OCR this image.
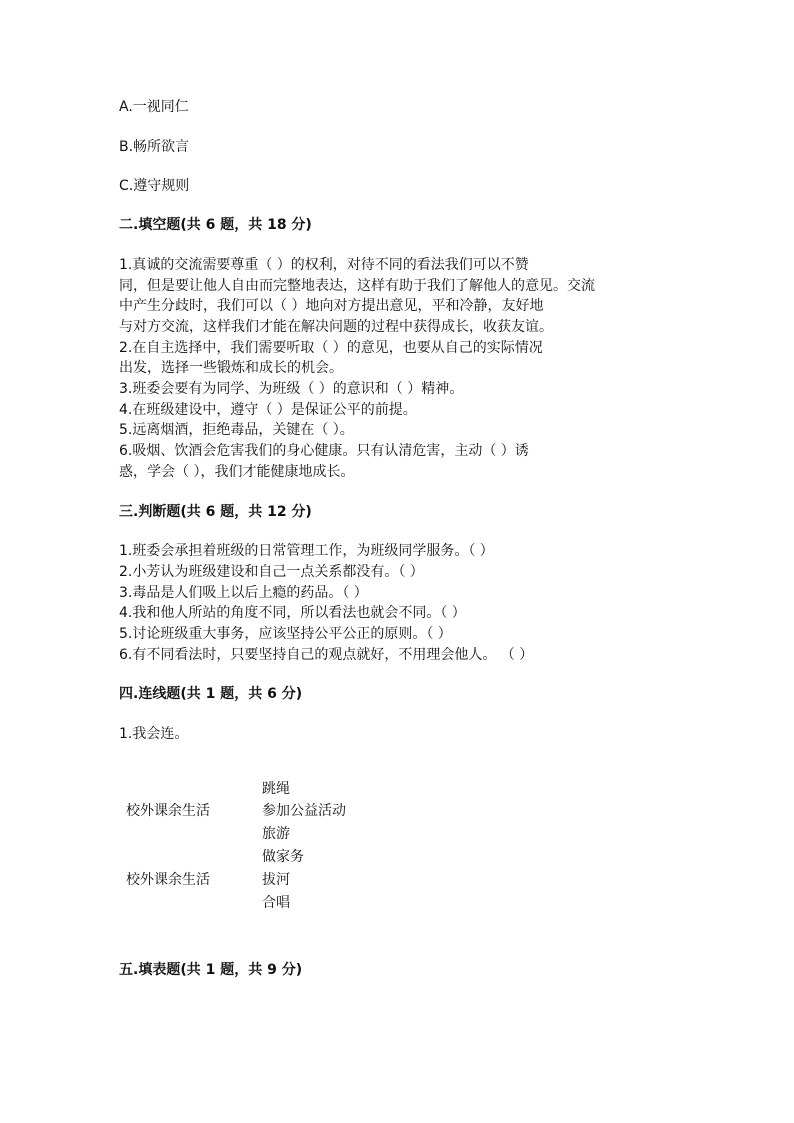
A.一视同仁
B.畅所欲言
C.遵守规则
二.填空题(共 6 题，共 18 分)
1.真诚的交流需要尊重（ ）的权利，对待不同的看法我们可以不赞
同，但是要让他人自由而完整地表达，这样有助于我们了解他人的意见。交流
中产生分歧时，我们可以（ ）地向对方提出意见，平和冷静，友好地
与对方交流，这样我们才能在解决问题的过程中获得成长，收获友谊。
2.在自主选择中，我们需要听取（ ）的意见，也要从自己的实际情况
出发，选择一些锻炼和成长的机会。
3.班委会要有为同学、为班级（ ）的意识和（ ）精神。
4.在班级建设中，遵守（ ）是保证公平的前提。
5.远离烟酒，拒绝毒品，关键在（ ）。
6.吸烟、饮酒会危害我们的身心健康。只有认清危害，主动（ ）诱
惑，学会（ ），我们才能健康地成长。
三.判断题(共 6 题，共 12 分)
1.班委会承担着班级的日常管理工作，为班级同学服务。（ ）
2.小芳认为班级建设和自己一点关系都没有。（ ）
3.毒品是人们吸上以后上瘾的药品。（ ）
4.我和他人所站的角度不同，所以看法也就会不同。（ ）
5.讨论班级重大事务，应该坚持公平公正的原则。（ ）
6.有不同看法时，只要坚持自己的观点就好，不用理会他人。 （ ）
四.连线题(共 1 题，共 6 分)
1.我会连。
跳绳
校外课余生活	参加公益活动
旅游
做家务
校外课余生活	拔河
合唱
五.填表题(共 1 题，共 9 分)
